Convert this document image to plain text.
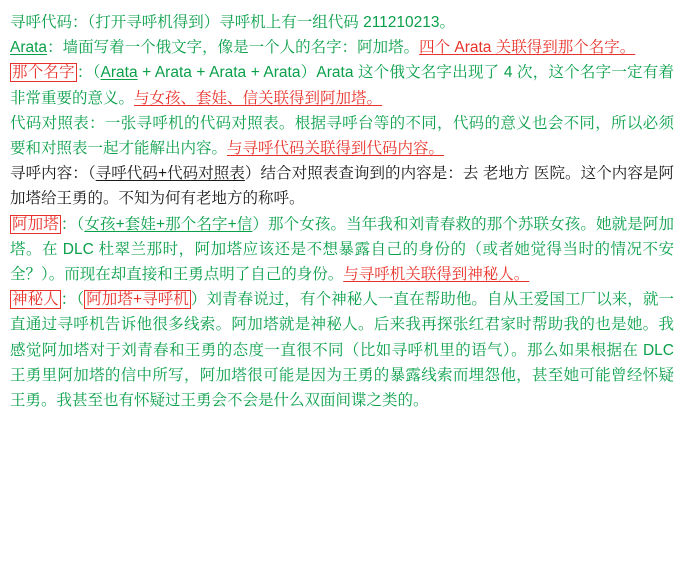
寻呼代码：（打开寻呼机得到）寻呼机上有一组代码 211210213。
Arata：墙面写着一个俄文字，像是一个人的名字：阿加塔。四个 Arata 关联得到那个名字。
那个名字 ：（Arata + Arata + Arata + Arata）Arata 这个俄文名字出现了 4 次，这个名字一定有着非常重要的意义。与女孩、套娃、信关联得到阿加塔。
代码对照表：一张寻呼机的代码对照表。根据寻呼台等的不同，代码的意义也会不同，所以必须要和对照表一起才能解出内容。与寻呼代码关联得到代码内容。
寻呼内容：（寻呼代码+代码对照表）结合对照表查询到的内容是：去 老地方 医院。这个内容是阿加塔给王勇的。不知为何有老地方的称呼。
阿加塔 ：（女孩+套娃+那个名字+信）那个女孩。当年我和刘青春救的那个苏联女孩。她就是阿加塔。在 DLC 杜翠兰那时，阿加塔应该还是不想暴露自己的身份的（或者她觉得当时的情况不安全？）。而现在却直接和王勇点明了自己的身份。与寻呼机关联得到神秘人。
神秘人 ：（ 阿加塔+寻呼机 ）刘青春说过，有个神秘人一直在帮助他。自从王爱国工厂以来，就一直通过寻呼机告诉他很多线索。阿加塔就是神秘人。后来我再探张红君家时帮助我的也是她。我感觉阿加塔对于刘青春和王勇的态度一直很不同（比如寻呼机里的语气）。那么如果根据在 DLC 王勇里阿加塔的信中所写，阿加塔很可能是因为王勇的暴露线索而埋怨他，甚至她可能曾经怀疑王勇。我甚至也有怀疑过王勇会不会是什么双面间谍之类的。
